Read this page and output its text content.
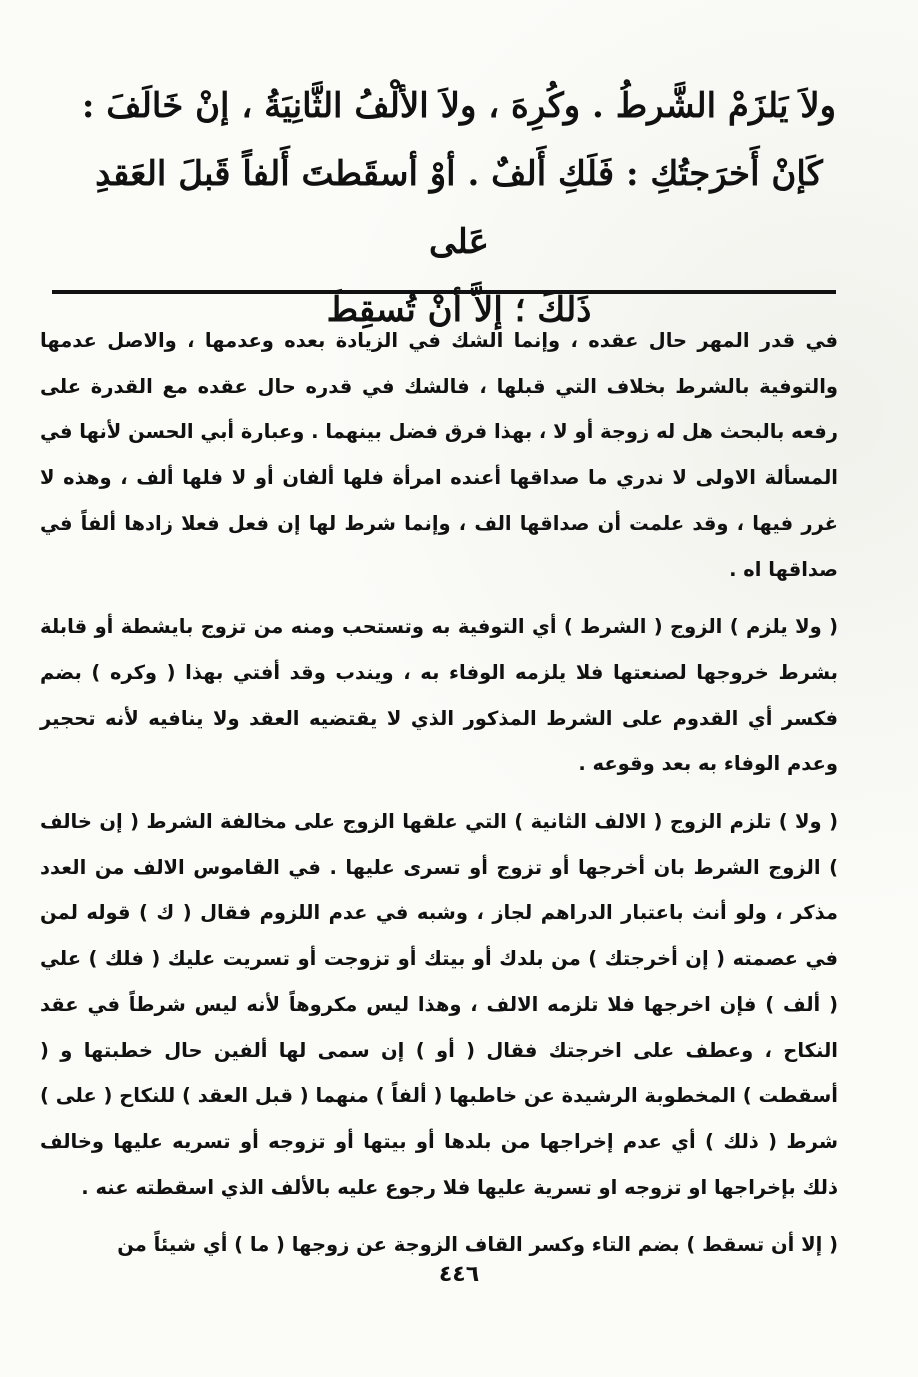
ولاَ يَلزَمْ الشَّرطُ . وكُرِهَ ، ولاَ الألْفُ الثَّانِيَةُ ، إنْ خَالَفَ :

كَإنْ أَخرَجتُكِ : فَلَكِ أَلفٌ . أوْ أسقَطتَ أَلفاً قَبلَ العَقدِ عَلى

ذَلكَ ؛ إلاَّ أنْ تُسقِطَ

في قدر المهر حال عقده ، وإنما الشك في الزيادة بعده وعدمها ، والاصل عدمها والتوفية بالشرط بخلاف التي قبلها ، فالشك في قدره حال عقده مع القدرة على رفعه بالبحث هل له زوجة أو لا ، بهذا فرق فضل بينهما . وعبارة أبي الحسن لأنها في المسألة الاولى لا ندري ما صداقها أعنده امرأة فلها ألفان أو لا فلها ألف ، وهذه لا غرر فيها ، وقد علمت أن صداقها الف ، وإنما شرط لها إن فعل فعلا زادها ألفاً في صداقها اه .

( ولا يلزم ) الزوج ( الشرط ) أي التوفية به وتستحب ومنه من تزوج بايشطة أو قابلة بشرط خروجها لصنعتها فلا يلزمه الوفاء به ، ويندب وقد أفتي بهذا ( وكره ) بضم فكسر أي القدوم على الشرط المذكور الذي لا يقتضيه العقد ولا ينافيه لأنه تحجير وعدم الوفاء به بعد وقوعه .

( ولا ) تلزم الزوج ( الالف الثانية ) التي علقها الزوج على مخالفة الشرط ( إن خالف ) الزوج الشرط بان أخرجها أو تزوج أو تسرى عليها . في القاموس الالف من العدد مذكر ، ولو أنث باعتبار الدراهم لجاز ، وشبه في عدم اللزوم فقال ( ك ) قوله لمن في عصمته ( إن أخرجتك ) من بلدك أو بيتك أو تزوجت أو تسريت عليك ( فلك ) علي ( ألف ) فإن اخرجها فلا تلزمه الالف ، وهذا ليس مكروهاً لأنه ليس شرطاً في عقد النكاح ، وعطف على اخرجتك فقال ( أو ) إن سمى لها ألفين حال خطبتها و ( أسقطت ) المخطوبة الرشيدة عن خاطبها ( ألفاً ) منهما ( قبل العقد ) للنكاح ( على ) شرط ( ذلك ) أي عدم إخراجها من بلدها أو بيتها أو تزوجه أو تسريه عليها وخالف ذلك بإخراجها او تزوجه او تسرية عليها فلا رجوع عليه بالألف الذي اسقطته عنه .

( إلا أن تسقط ) بضم التاء وكسر القاف الزوجة عن زوجها ( ما ) أي شيئاً من

٤٤٦
